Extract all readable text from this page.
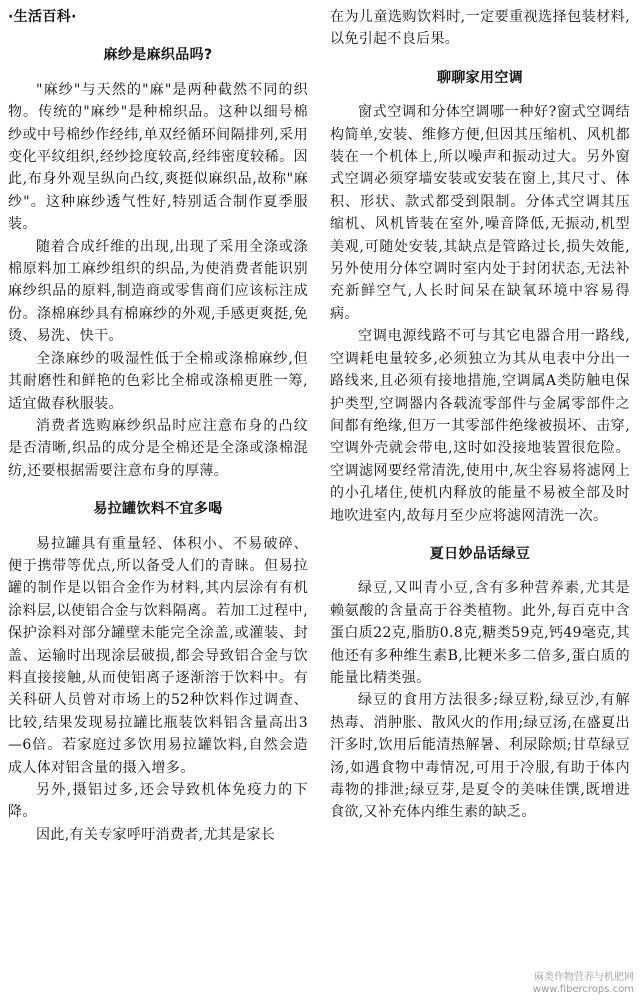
·生活百科·
麻纱是麻织品吗?

"麻纱"与天然的"麻"是两种截然不同的织物。传统的"麻纱"是种棉织品。这种以细号棉纱或中号棉纱作经纬,单双经循环间隔排列,采用变化平纹组织,经纱捻度较高,经纬密度较稀。因此,布身外观呈纵向凸纹,爽挺似麻织品,故称"麻纱"。这种麻纱透气性好,特别适合制作夏季服装。

随着合成纤维的出现,出现了采用全涤或涤棉原料加工麻纱组织的织品,为使消费者能识别麻纱织品的原料,制造商或零售商们应该标注成份。涤棉麻纱具有棉麻纱的外观,手感更爽挺,免烫、易洗、快干。

全涤麻纱的吸湿性低于全棉或涤棉麻纱,但其耐磨性和鲜艳的色彩比全棉或涤棉更胜一筹,适宜做春秋服装。

消费者选购麻纱织品时应注意布身的凸纹是否清晰,织品的成分是全棉还是全涤或涤棉混纺,还要根据需要注意布身的厚薄。

易拉罐饮料不宜多喝

易拉罐具有重量轻、体积小、不易破碎、便于携带等优点,所以备受人们的青睐。但易拉罐的制作是以铝合金作为材料,其内层涂有有机涂料层,以使铝合金与饮料隔离。若加工过程中,保护涂料对部分罐壁未能完全涂盖,或灌装、封盖、运输时出现涂层破损,都会导致铝合金与饮料直接接触,从而使铝离子逐渐溶于饮料中。有关科研人员曾对市场上的52种饮料作过调查、比较,结果发现易拉罐比瓶装饮料铝含量高出3—6倍。若家庭过多饮用易拉罐饮料,自然会造成人体对铝含量的摄入增多。

另外,摄铝过多,还会导致机体免疫力的下降。

因此,有关专家呼吁消费者,尤其是家长

在为儿童选购饮料时,一定要重视选择包装材料,以免引起不良后果。

聊聊家用空调

窗式空调和分体空调哪一种好?窗式空调结构简单,安装、维修方便,但因其压缩机、风机都装在一个机体上,所以噪声和振动过大。另外窗式空调必须穿墙安装或安装在窗上,其尺寸、体积、形状、款式都受到限制。分体式空调其压缩机、风机皆装在室外,噪音降低,无振动,机型美观,可随处安装,其缺点是管路过长,损失效能,另外使用分体空调时室内处于封闭状态,无法补充新鲜空气,人长时间呆在缺氧环境中容易得病。

空调电源线路不可与其它电器合用一路线,空调耗电量较多,必须独立为其从电表中分出一路线来,且必须有接地措施,空调属A类防触电保护类型,空调器内各载流零部件与金属零部件之间都有绝缘,但万一其零部件绝缘被损坏、击穿,空调外壳就会带电,这时如没接地装置很危险。空调滤网要经常清洗,使用中,灰尘容易将滤网上的小孔堵住,使机内释放的能量不易被全部及时地吹进室内,故每月至少应将滤网清洗一次。

夏日妙品话绿豆

绿豆,又叫青小豆,含有多种营养素,尤其是赖氨酸的含量高于谷类植物。此外,每百克中含蛋白质22克,脂肪0.8克,糖类59克,钙49毫克,其他还有多种维生素B,比粳米多二倍多,蛋白质的能量比精类强。

绿豆的食用方法很多;绿豆粉,绿豆沙,有解热毒、消肿胀、散风火的作用;绿豆汤,在盛夏出汗多时,饮用后能清热解暑、利尿除烦;甘草绿豆汤,如遇食物中毒情况,可用于冷服,有助于体内毒物的排泄;绿豆芽,是夏令的美味佳馔,既增进食欲,又补充体内维生素的缺乏。

麻类作物营养与机肥网
www.fibercrops.com
